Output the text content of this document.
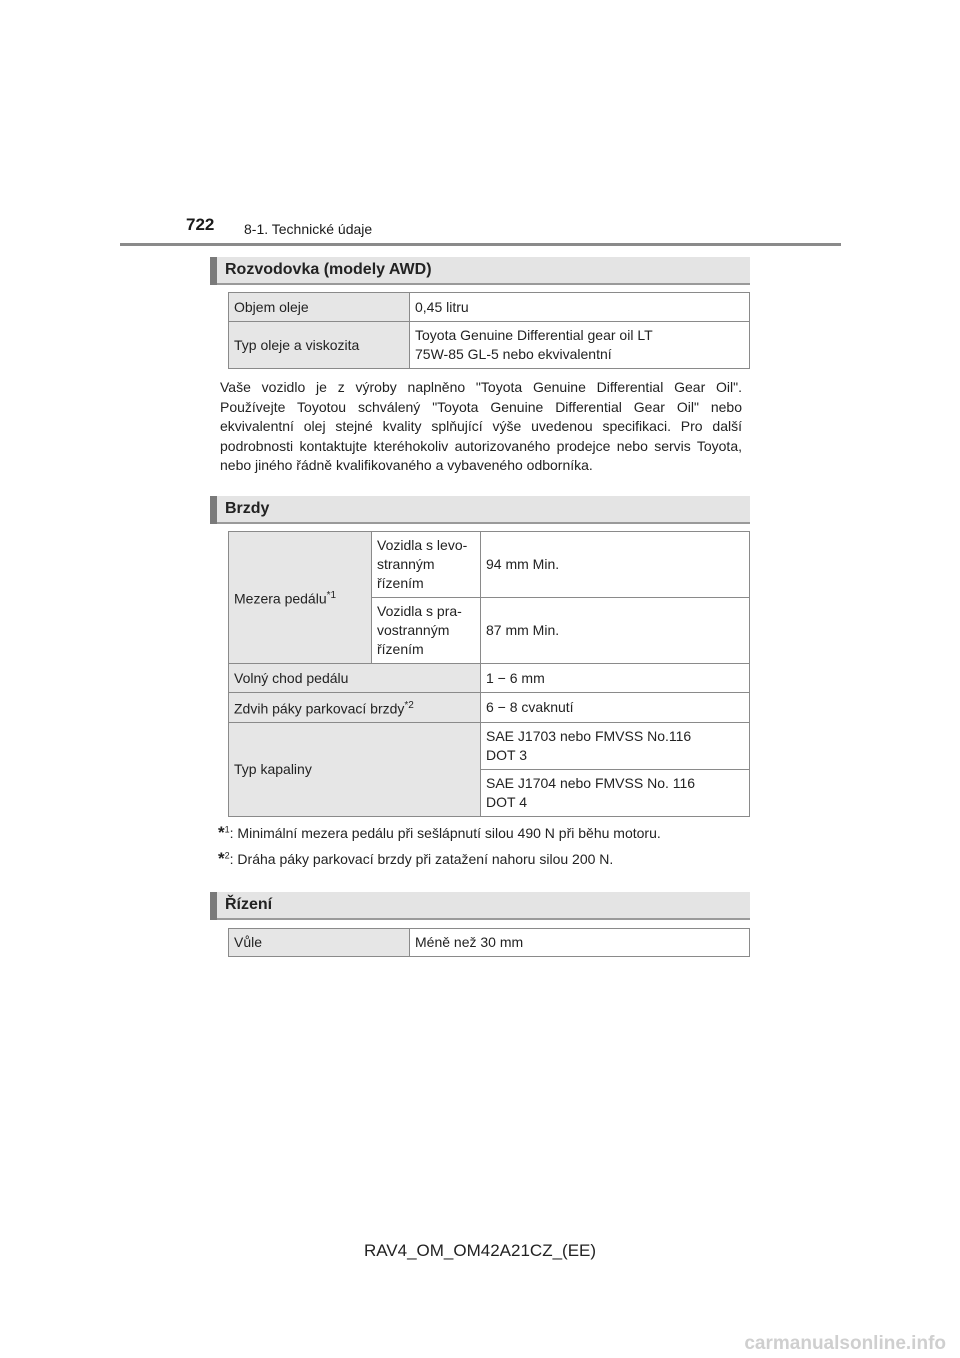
722 8-1. Technické údaje
Rozvodovka (modely AWD)
Objem oleje	0,45 litru
Typ oleje a viskozita	Toyota Genuine Differential gear oil LT
75W-85 GL-5 nebo ekvivalentní
Vaše vozidlo je z výroby naplněno "Toyota Genuine Differential Gear Oil". Používejte Toyotou schválený "Toyota Genuine Differential Gear Oil" nebo ekvivalentní olej stejné kvality splňující výše uvedenou specifikaci. Pro další podrobnosti kontaktujte kteréhokoliv autorizovaného prodejce nebo servis Toyota, nebo jiného řádně kvalifikovaného a vybaveného odborníka.
Brzdy
Mezera pedálu$^{*1}$	Vozidla s levo-stranným řízením	94 mm Min.
	Vozidla s pra-vostranným řízením	87 mm Min.
Volný chod pedálu		1 − 6 mm
Zdvih páky parkovací brzdy$^{*2}$		6 − 8 cvaknutí
Typ kapaliny		SAE J1703 nebo FMVSS No.116
DOT 3
		SAE J1704 nebo FMVSS No. 116
DOT 4
*$^1$: Minimální mezera pedálu při sešlápnutí silou 490 N při běhu motoru.
*$^2$: Dráha páky parkovací brzdy při zatažení nahoru silou 200 N.
Řízení
Vůle	Méně než 30 mm
RAV4_OM_OM42A21CZ_(EE)
carmanualsonline.info
